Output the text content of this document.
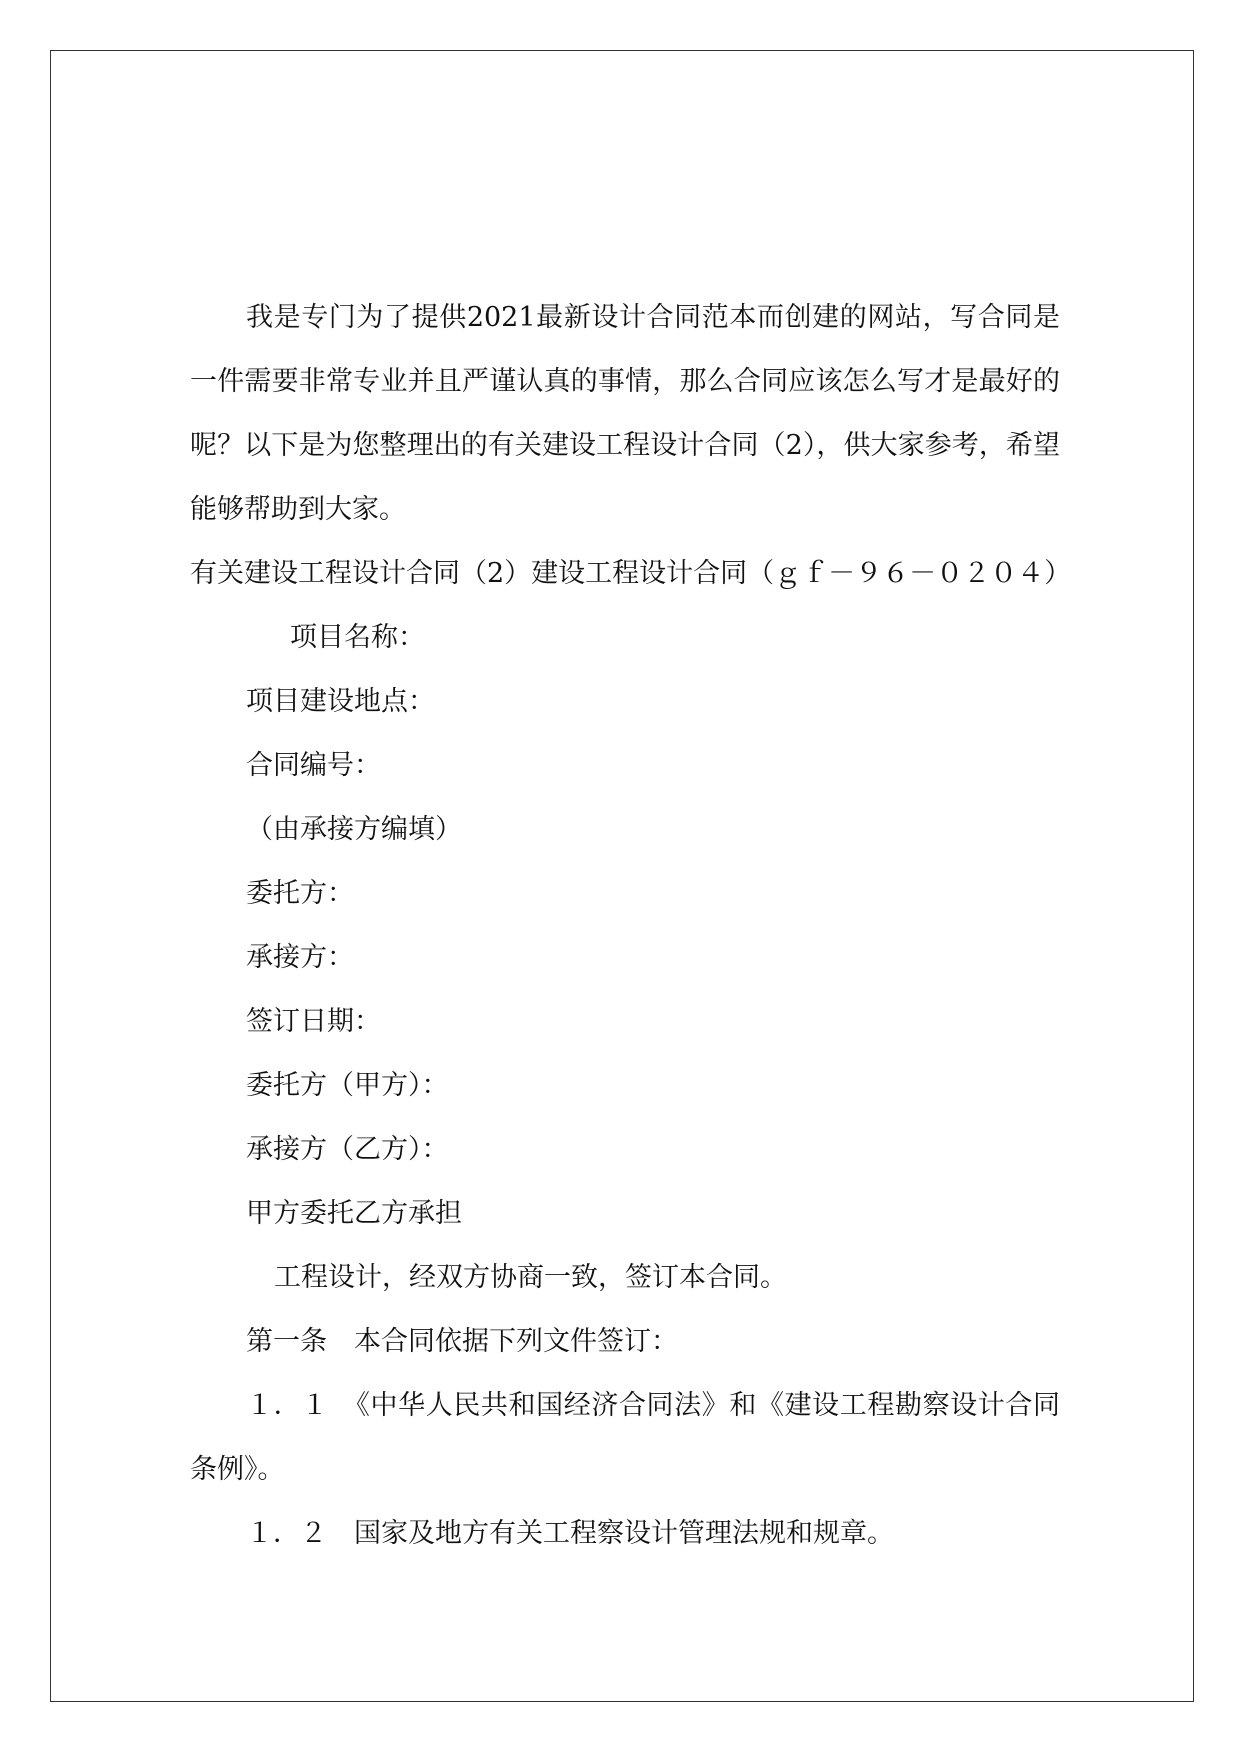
我是专门为了提供2021最新设计合同范本而创建的网站，写合同是一件需要非常专业并且严谨认真的事情，那么合同应该怎么写才是最好的呢？以下是为您整理出的有关建设工程设计合同（2），供大家参考，希望能够帮助到大家。

有关建设工程设计合同（2）建设工程设计合同（ｇｆ－９６－０２０４）项目名称：

项目建设地点：

合同编号：

（由承接方编填）

委托方：

承接方：

签订日期：

委托方（甲方）：

承接方（乙方）：

甲方委托乙方承担

工程设计，经双方协商一致，签订本合同。

第一条　本合同依据下列文件签订：

１．１　《中华人民共和国经济合同法》和《建设工程勘察设计合同条例》。

１．２　国家及地方有关工程察设计管理法规和规章。
